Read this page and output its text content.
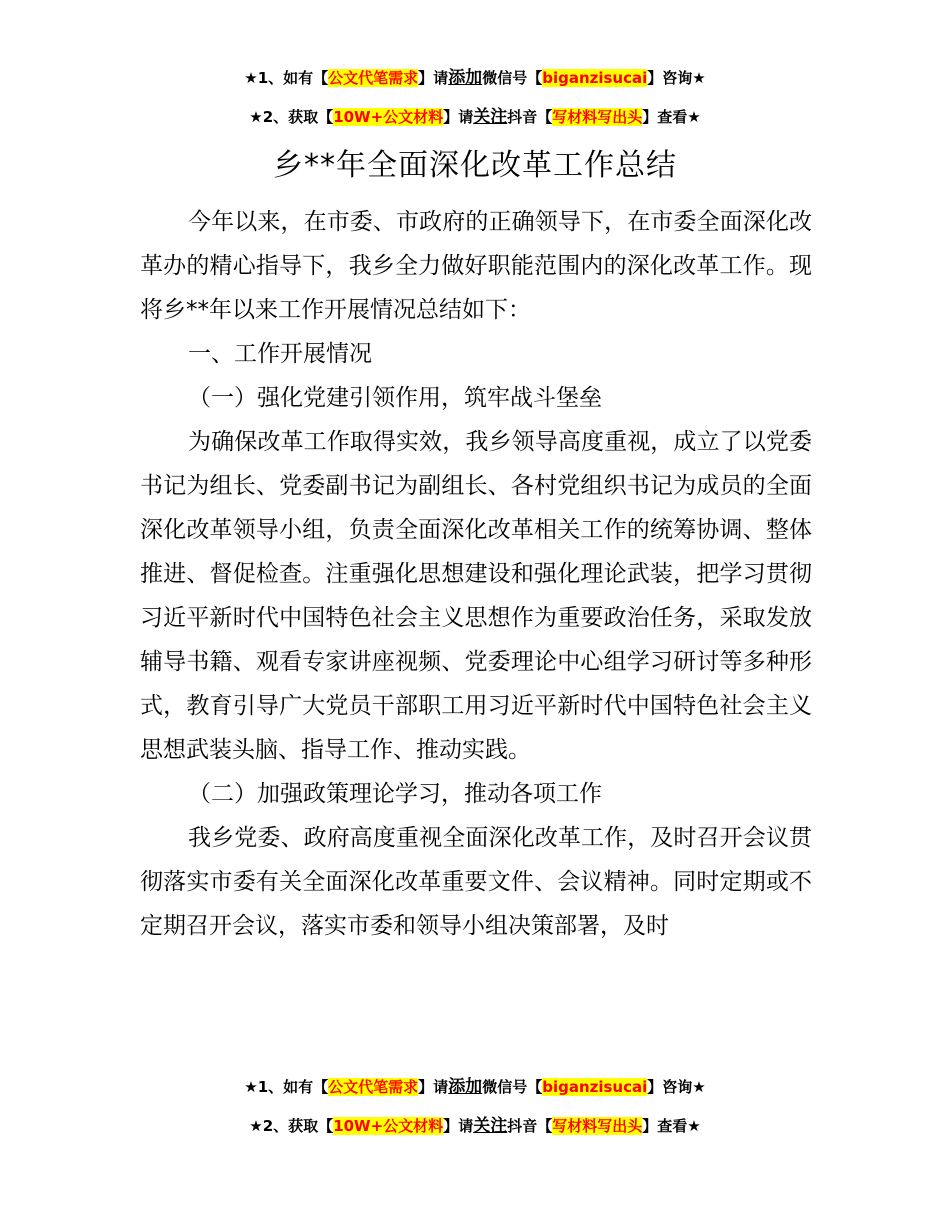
★1、如有【公文代笔需求】请添加微信号【biganzisucai】咨询★
★2、获取【10W+公文材料】请关注抖音【写材料写出头】查看★
乡**年全面深化改革工作总结

今年以来，在市委、市政府的正确领导下，在市委全面深化改革办的精心指导下，我乡全力做好职能范围内的深化改革工作。现将乡**年以来工作开展情况总结如下：

一、工作开展情况

（一）强化党建引领作用，筑牢战斗堡垒

为确保改革工作取得实效，我乡领导高度重视，成立了以党委书记为组长、党委副书记为副组长、各村党组织书记为成员的全面深化改革领导小组，负责全面深化改革相关工作的统筹协调、整体推进、督促检查。注重强化思想建设和强化理论武装，把学习贯彻习近平新时代中国特色社会主义思想作为重要政治任务，采取发放辅导书籍、观看专家讲座视频、党委理论中心组学习研讨等多种形式，教育引导广大党员干部职工用习近平新时代中国特色社会主义思想武装头脑、指导工作、推动实践。

（二）加强政策理论学习，推动各项工作

我乡党委、政府高度重视全面深化改革工作，及时召开会议贯彻落实市委有关全面深化改革重要文件、会议精神。同时定期或不定期召开会议，落实市委和领导小组决策部署，及时

★1、如有【公文代笔需求】请添加微信号【biganzisucai】咨询★
★2、获取【10W+公文材料】请关注抖音【写材料写出头】查看★
